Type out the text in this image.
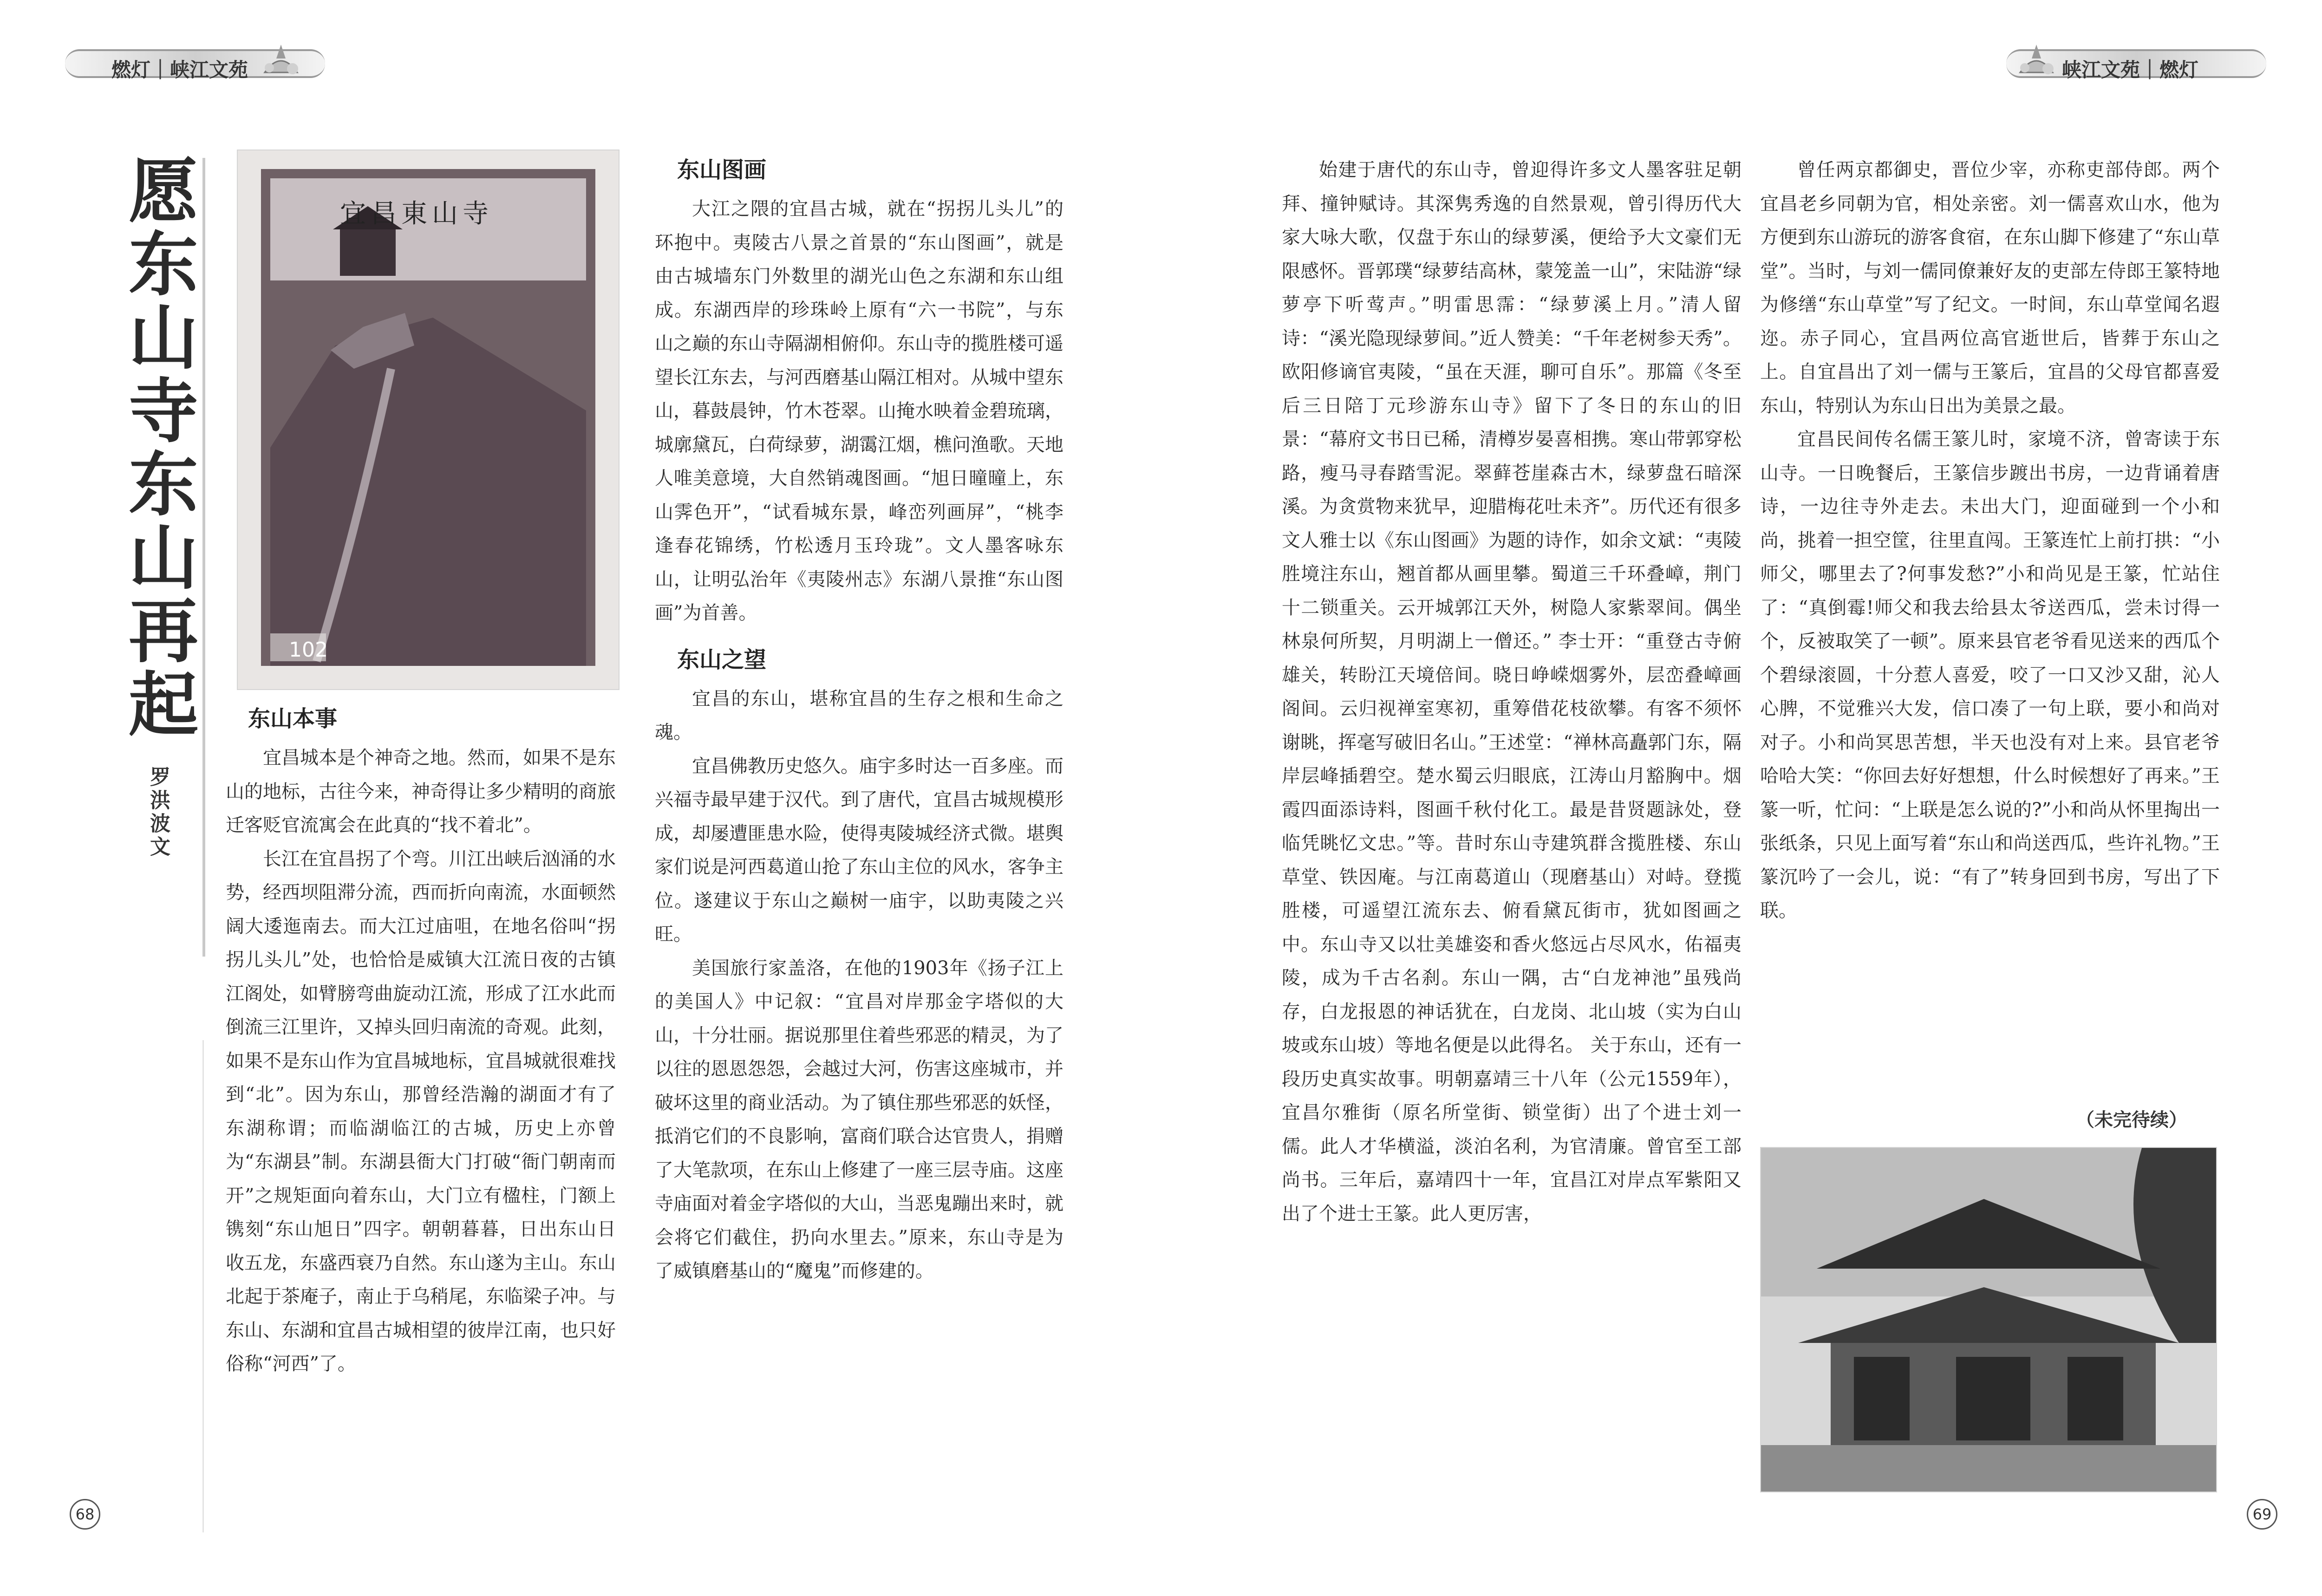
燃灯｜峡江文苑	峡江文苑｜燃灯
愿东山寺东山再起
罗洪波文
宜昌東山寺
102
东山本事

宜昌城本是个神奇之地。然而，如果不是东山的地标，古往今来，神奇得让多少精明的商旅迁客贬官流寓会在此真的“找不着北”。

长江在宜昌拐了个弯。川江出峡后汹涌的水势，经西坝阻滞分流，西而折向南流，水面顿然阔大逶迤南去。而大江过庙咀，在地名俗叫“拐拐儿头儿”处，也恰恰是威镇大江流日夜的古镇江阁处，如臂膀弯曲旋动江流，形成了江水此而倒流三江里许，又掉头回归南流的奇观。此刻，如果不是东山作为宜昌城地标，宜昌城就很难找到“北”。因为东山，那曾经浩瀚的湖面才有了东湖称谓；而临湖临江的古城，历史上亦曾为“东湖县”制。东湖县衙大门打破“衙门朝南而开”之规矩面向着东山，大门立有楹柱，门额上镌刻“东山旭日”四字。朝朝暮暮，日出东山日收五龙，东盛西衰乃自然。东山遂为主山。东山北起于茶庵子，南止于乌稍尾，东临梁子冲。与东山、东湖和宜昌古城相望的彼岸江南，也只好俗称“河西”了。

东山图画

大江之隈的宜昌古城，就在“拐拐儿头儿”的环抱中。夷陵古八景之首景的“东山图画”，就是由古城墙东门外数里的湖光山色之东湖和东山组成。东湖西岸的珍珠岭上原有“六一书院”，与东山之巅的东山寺隔湖相俯仰。东山寺的揽胜楼可遥望长江东去，与河西磨基山隔江相对。从城中望东山，暮鼓晨钟，竹木苍翠。山掩水映着金碧琉璃，城廓黛瓦，白荷绿萝，湖霭江烟，樵问渔歌。天地人唯美意境，大自然销魂图画。“旭日曈曈上，东山霁色开”，“试看城东景，峰峦列画屏”，“桃李逢春花锦绣，竹松透月玉玲珑”。文人墨客咏东山，让明弘治年《夷陵州志》东湖八景推“东山图画”为首善。

东山之望

宜昌的东山，堪称宜昌的生存之根和生命之魂。

宜昌佛教历史悠久。庙宇多时达一百多座。而兴福寺最早建于汉代。到了唐代，宜昌古城规模形成，却屡遭匪患水险，使得夷陵城经济式微。堪舆家们说是河西葛道山抢了东山主位的风水，客争主位。遂建议于东山之巅树一庙宇，以助夷陵之兴旺。

美国旅行家盖洛，在他的1903年《扬子江上的美国人》中记叙：“宜昌对岸那金字塔似的大山，十分壮丽。据说那里住着些邪恶的精灵，为了以往的恩恩怨怨，会越过大河，伤害这座城市，并破坏这里的商业活动。为了镇住那些邪恶的妖怪，抵消它们的不良影响，富商们联合达官贵人，捐赠了大笔款项，在东山上修建了一座三层寺庙。这座寺庙面对着金字塔似的大山，当恶鬼蹦出来时，就会将它们截住，扔向水里去。”原来，东山寺是为了威镇磨基山的“魔鬼”而修建的。

始建于唐代的东山寺，曾迎得许多文人墨客驻足朝拜、撞钟赋诗。其深隽秀逸的自然景观，曾引得历代大家大咏大歌，仅盘于东山的绿萝溪，便给予大文豪们无限感怀。晋郭璞“绿萝结高林，蒙笼盖一山”，宋陆游“绿萝亭下听莺声。”明雷思霈：“绿萝溪上月。”清人留诗：“溪光隐现绿萝间。”近人赞美：“千年老树参天秀”。欧阳修谪官夷陵，“虽在天涯，聊可自乐”。那篇《冬至后三日陪丁元珍游东山寺》留下了冬日的东山的旧景：“幕府文书日已稀，清樽岁晏喜相携。寒山带郭穿松路，瘦马寻春踏雪泥。翠藓苍崖森古木，绿萝盘石暗深溪。为贪赏物来犹早，迎腊梅花吐未齐”。历代还有很多文人雅士以《东山图画》为题的诗作，如余文斌：“夷陵胜境注东山，翘首都从画里攀。蜀道三千环叠嶂，荆门十二锁重关。云开城郭江天外，树隐人家紫翠间。偶坐林泉何所契，月明湖上一僧还。” 李士开：“重登古寺俯雄关，转盼江天境倍间。晓日峥嵘烟雾外，层峦叠嶂画阁间。云归视禅室寒初，重筹借花枝欲攀。有客不须怀谢眺，挥毫写破旧名山。”王述堂：“禅林高矗郭门东，隔岸层峰插碧空。楚水蜀云归眼底，江涛山月豁胸中。烟霞四面添诗料，图画千秋付化工。最是昔贤题詠处，登临凭眺忆文忠。”等。昔时东山寺建筑群含揽胜楼、东山草堂、铁因庵。与江南葛道山（现磨基山）对峙。登揽胜楼，可遥望江流东去、俯看黛瓦街市，犹如图画之中。东山寺又以壮美雄姿和香火悠远占尽风水，佑福夷陵，成为千古名刹。东山一隅，古“白龙神池”虽残尚存，白龙报恩的神话犹在，白龙岗、北山坡（实为白山坡或东山坡）等地名便是以此得名。 关于东山，还有一段历史真实故事。明朝嘉靖三十八年（公元1559年），宜昌尔雅街（原名所堂街、锁堂街）出了个进士刘一儒。此人才华横溢，淡泊名利，为官清廉。曾官至工部尚书。三年后，嘉靖四十一年，宜昌江对岸点军紫阳又出了个进士王篆。此人更厉害，

曾任两京都御史，晋位少宰，亦称吏部侍郎。两个宜昌老乡同朝为官，相处亲密。刘一儒喜欢山水，他为方便到东山游玩的游客食宿，在东山脚下修建了“东山草堂”。当时，与刘一儒同僚兼好友的吏部左侍郎王篆特地为修缮“东山草堂”写了纪文。一时间，东山草堂闻名遐迩。赤子同心，宜昌两位高官逝世后，皆葬于东山之上。自宜昌出了刘一儒与王篆后，宜昌的父母官都喜爱东山，特别认为东山日出为美景之最。

宜昌民间传名儒王篆儿时，家境不济，曾寄读于东山寺。一日晚餐后，王篆信步踱出书房，一边背诵着唐诗，一边往寺外走去。未出大门，迎面碰到一个小和尚，挑着一担空筐，往里直闯。王篆连忙上前打拱：“小师父，哪里去了?何事发愁?”小和尚见是王篆，忙站住了：“真倒霉!师父和我去给县太爷送西瓜，尝未讨得一个，反被取笑了一顿”。原来县官老爷看见送来的西瓜个个碧绿滚圆，十分惹人喜爱，咬了一口又沙又甜，沁人心脾，不觉雅兴大发，信口凑了一句上联，要小和尚对对子。小和尚冥思苦想，半天也没有对上来。县官老爷哈哈大笑：“你回去好好想想，什么时候想好了再来。”王篆一听，忙问：“上联是怎么说的?”小和尚从怀里掏出一张纸条，只见上面写着“东山和尚送西瓜，些许礼物。”王篆沉吟了一会儿，说：“有了”转身回到书房，写出了下联。

（未完待续）
68	69
